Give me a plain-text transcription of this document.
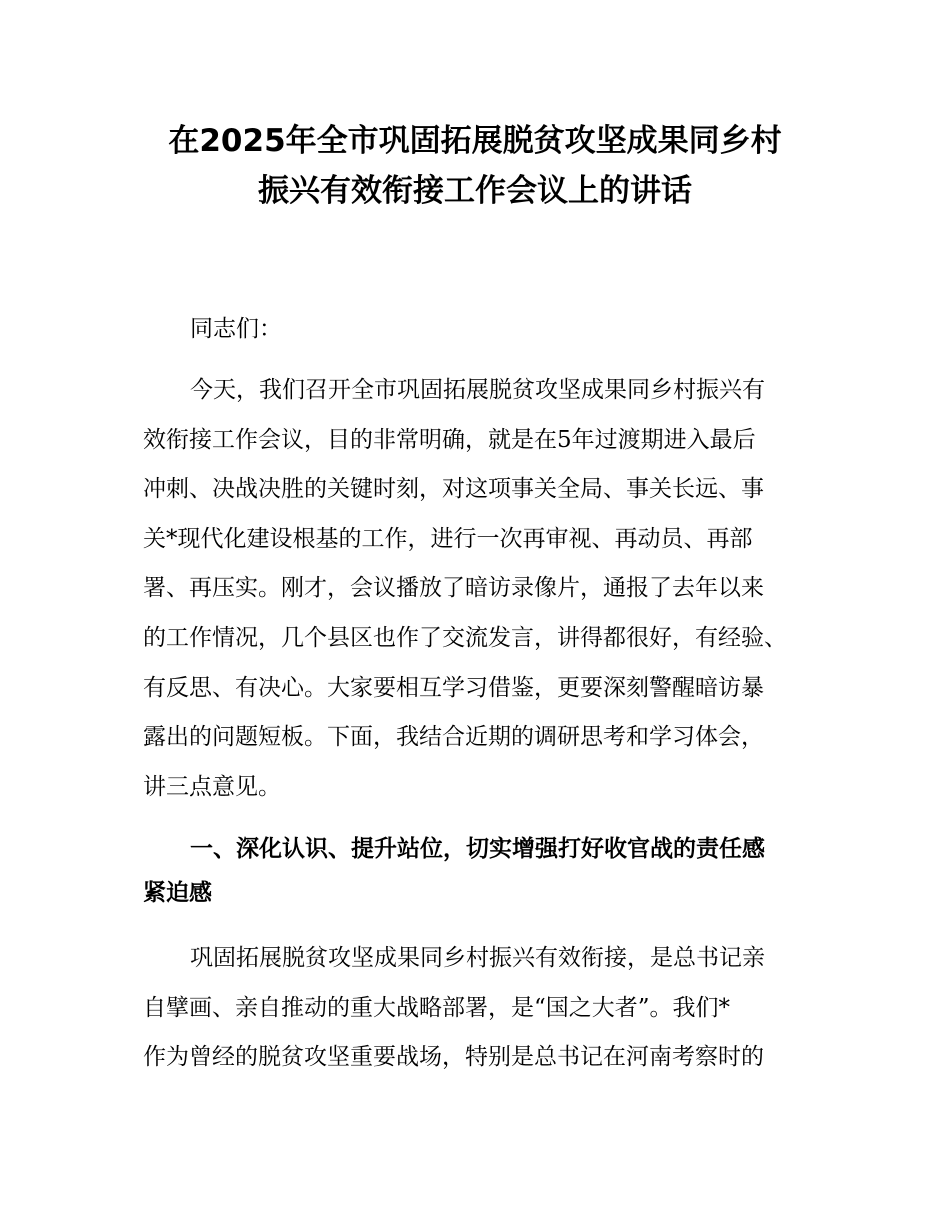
在2025年全市巩固拓展脱贫攻坚成果同乡村
振兴有效衔接工作会议上的讲话

同志们：

今天，我们召开全市巩固拓展脱贫攻坚成果同乡村振兴有
效衔接工作会议，目的非常明确，就是在5年过渡期进入最后
冲刺、决战决胜的关键时刻，对这项事关全局、事关长远、事
关*现代化建设根基的工作，进行一次再审视、再动员、再部
署、再压实。刚才，会议播放了暗访录像片，通报了去年以来
的工作情况，几个县区也作了交流发言，讲得都很好，有经验、
有反思、有决心。大家要相互学习借鉴，更要深刻警醒暗访暴
露出的问题短板。下面，我结合近期的调研思考和学习体会，
讲三点意见。

一、深化认识、提升站位，切实增强打好收官战的责任感
紧迫感

巩固拓展脱贫攻坚成果同乡村振兴有效衔接，是总书记亲
自擘画、亲自推动的重大战略部署，是“国之大者”。我们*
作为曾经的脱贫攻坚重要战场，特别是总书记在河南考察时的
